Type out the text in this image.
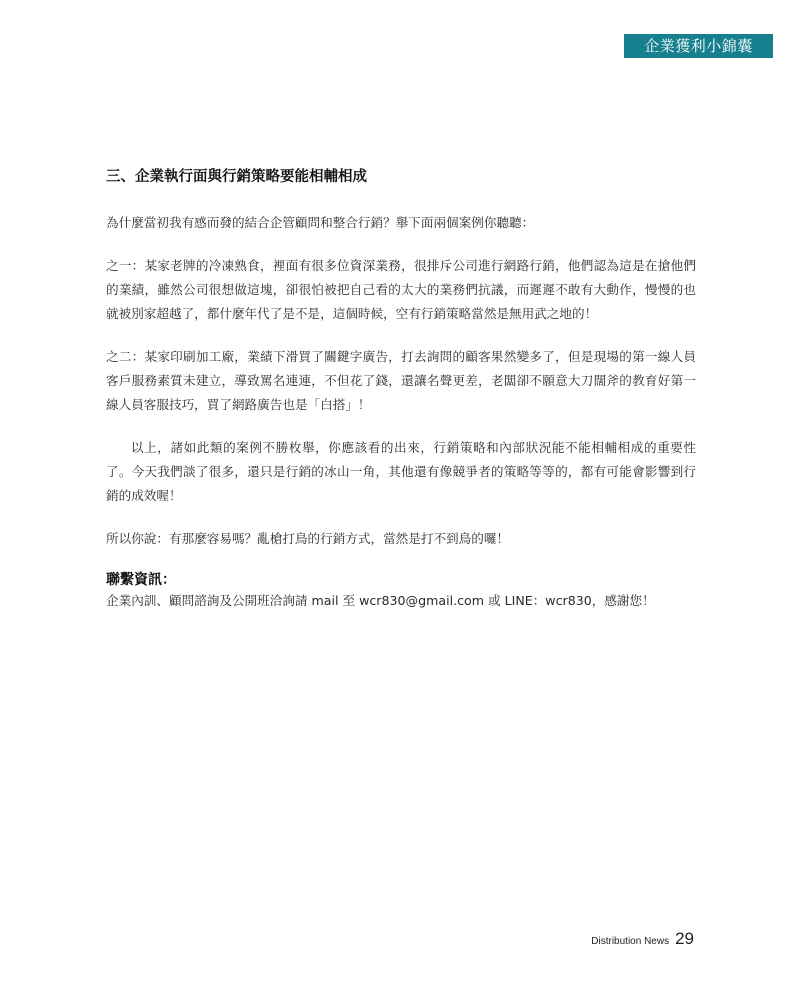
企業獲利小錦囊
三、企業執行面與行銷策略要能相輔相成

為什麼當初我有感而發的結合企管顧問和整合行銷？舉下面兩個案例你聽聽：

之一：某家老牌的冷凍熟食，裡面有很多位資深業務，很排斥公司進行網路行銷，他們認為這是在搶他們的業績，雖然公司很想做這塊，卻很怕被把自己看的太大的業務們抗議，而遲遲不敢有大動作，慢慢的也就被別家超越了，都什麼年代了是不是，這個時候，空有行銷策略當然是無用武之地的！

之二：某家印刷加工廠，業績下滑買了關鍵字廣告，打去詢問的顧客果然變多了，但是現場的第一線人員客戶服務素質未建立，導致罵名連連，不但花了錢，還讓名聲更差，老闆卻不願意大刀闊斧的教育好第一線人員客服技巧，買了網路廣告也是「白搭」！

以上，諸如此類的案例不勝枚舉，你應該看的出來，行銷策略和內部狀況能不能相輔相成的重要性了。今天我們談了很多，還只是行銷的冰山一角，其他還有像競爭者的策略等等的，都有可能會影響到行銷的成效喔！

所以你說：有那麼容易嗎？亂槍打鳥的行銷方式，當然是打不到鳥的囉！

聯繫資訊：

企業內訓、顧問諮詢及公開班洽詢請 mail 至 wcr830@gmail.com 或 LINE：wcr830，感謝您！

Distribution News 29
